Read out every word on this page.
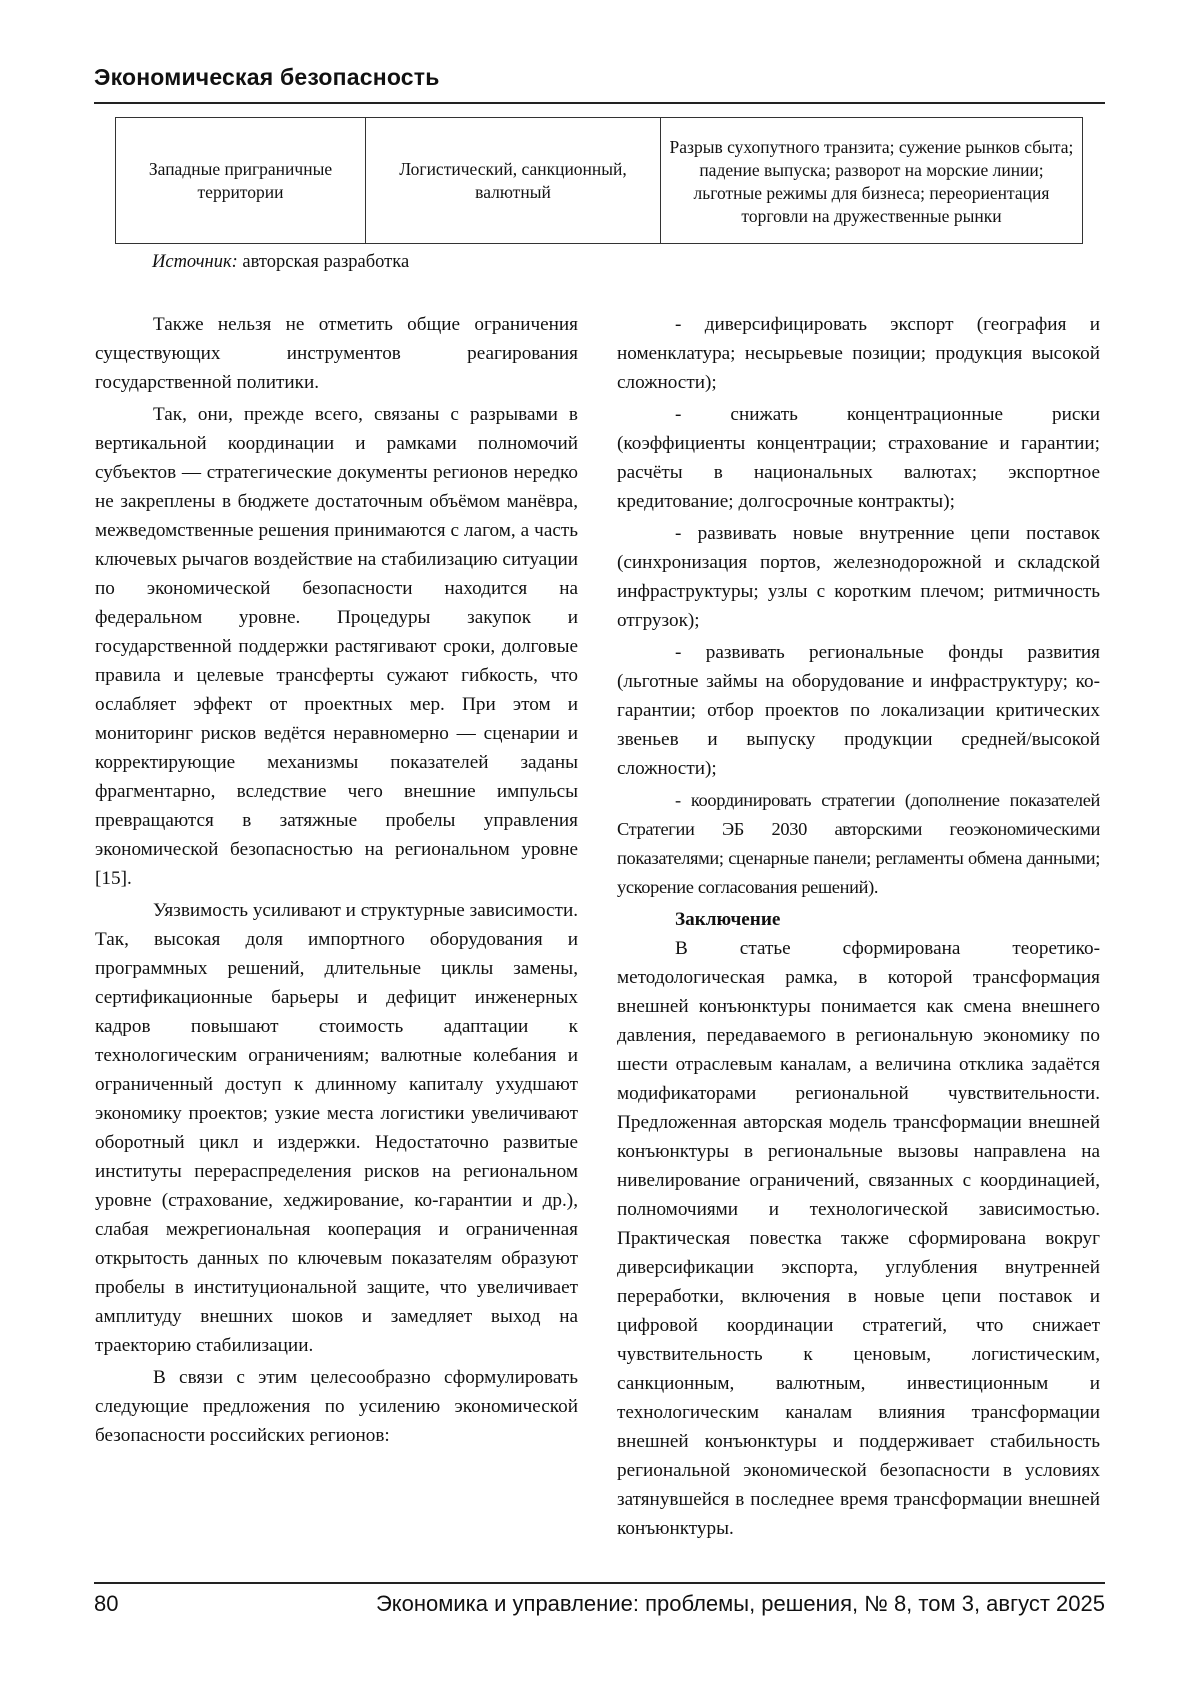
Экономическая безопасность
Западные приграничные территории	Логистический, санкционный, валютный	Разрыв сухопутного транзита; сужение рынков сбыта; падение выпуска; разворот на морские линии; льготные режимы для бизнеса; переориентация торговли на дружественные рынки
Источник: авторская разработка

Также нельзя не отметить общие ограничения существующих инструментов реагирования государственной политики.

Так, они, прежде всего, связаны с разрывами в вертикальной координации и рамками полномочий субъектов — стратегические документы регионов нередко не закреплены в бюджете достаточным объёмом манёвра, межведомственные решения принимаются с лагом, а часть ключевых рычагов воздействие на стабилизацию ситуации по экономической безопасности находится на федеральном уровне. Процедуры закупок и государственной поддержки растягивают сроки, долговые правила и целевые трансферты сужают гибкость, что ослабляет эффект от проектных мер. При этом и мониторинг рисков ведётся неравномерно — сценарии и корректирующие механизмы показателей заданы фрагментарно, вследствие чего внешние импульсы превращаются в затяжные пробелы управления экономической безопасностью на региональном уровне [15].

Уязвимость усиливают и структурные зависимости. Так, высокая доля импортного оборудования и программных решений, длительные циклы замены, сертификационные барьеры и дефицит инженерных кадров повышают стоимость адаптации к технологическим ограничениям; валютные колебания и ограниченный доступ к длинному капиталу ухудшают экономику проектов; узкие места логистики увеличивают оборотный цикл и издержки. Недостаточно развитые институты перераспределения рисков на региональном уровне (страхование, хеджирование, ко-гарантии и др.), слабая межрегиональная кооперация и ограниченная открытость данных по ключевым показателям образуют пробелы в институциональной защите, что увеличивает амплитуду внешних шоков и замедляет выход на траекторию стабилизации.

В связи с этим целесообразно сформулировать следующие предложения по усилению экономической безопасности российских регионов:

- диверсифицировать экспорт (география и номенклатура; несырьевые позиции; продукция высокой сложности);

- снижать концентрационные риски (коэффициенты концентрации; страхование и гарантии; расчёты в национальных валютах; экспортное кредитование; долгосрочные контракты);

- развивать новые внутренние цепи поставок (синхронизация портов, железнодорожной и складской инфраструктуры; узлы с коротким плечом; ритмичность отгрузок);

- развивать региональные фонды развития (льготные займы на оборудование и инфраструктуру; ко-гарантии; отбор проектов по локализации критических звеньев и выпуску продукции средней/высокой сложности);

- координировать стратегии (дополнение показателей Стратегии ЭБ 2030 авторскими геоэкономическими показателями; сценарные панели; регламенты обмена данными; ускорение согласования решений).

Заключение

В статье сформирована теоретико-методологическая рамка, в которой трансформация внешней конъюнктуры понимается как смена внешнего давления, передаваемого в региональную экономику по шести отраслевым каналам, а величина отклика задаётся модификаторами региональной чувствительности. Предложенная авторская модель трансформации внешней конъюнктуры в региональные вызовы направлена на нивелирование ограничений, связанных с координацией, полномочиями и технологической зависимостью. Практическая повестка также сформирована вокруг диверсификации экспорта, углубления внутренней переработки, включения в новые цепи поставок и цифровой координации стратегий, что снижает чувствительность к ценовым, логистическим, санкционным, валютным, инвестиционным и технологическим каналам влияния трансформации внешней конъюнктуры и поддерживает стабильность региональной экономической безопасности в условиях затянувшейся в последнее время трансформации внешней конъюнктуры.

80	Экономика и управление: проблемы, решения, № 8, том 3, август 2025
